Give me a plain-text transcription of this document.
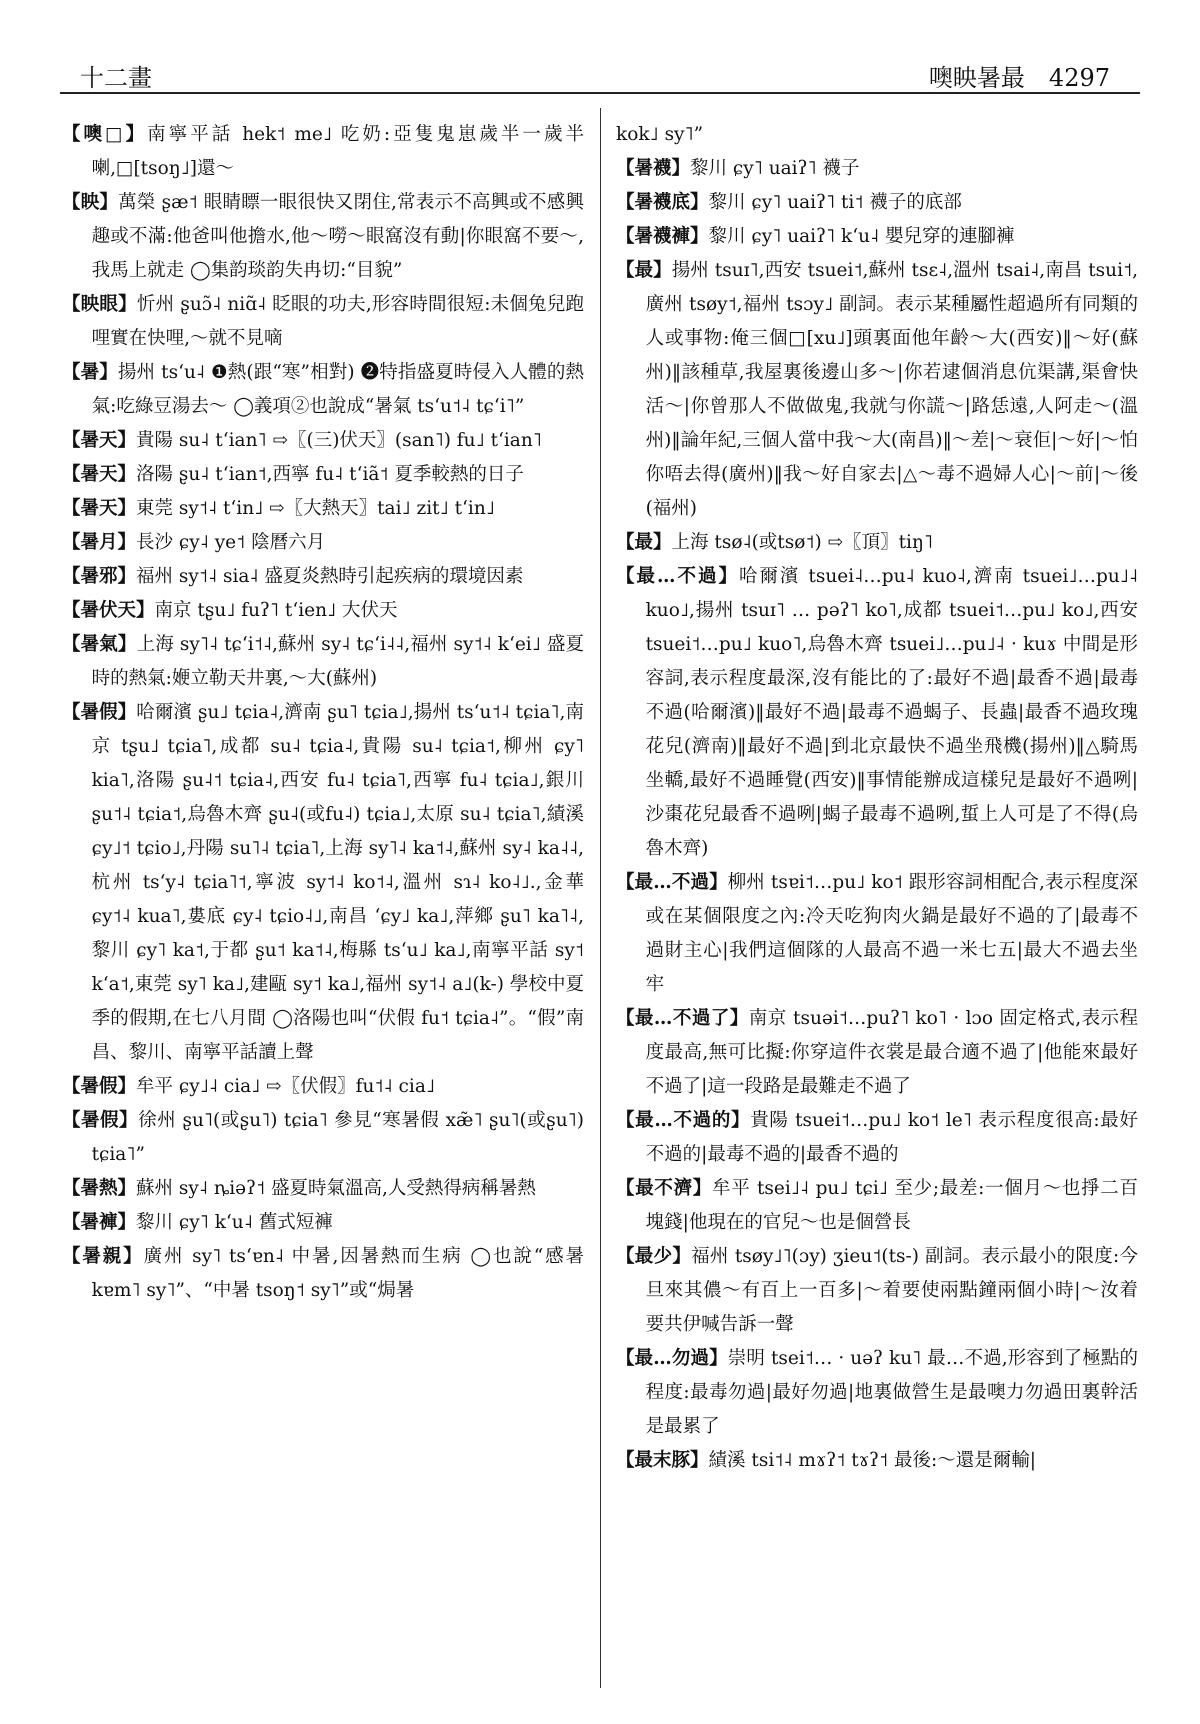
十二畫	噢眏暑最　4297

【噢□】南寧平話 hek˦ me˩ 吃奶:亞隻鬼崽歲半一歲半喇,□[tsoŋ˩]還～

【眏】萬榮 ʂæ˦ 眼睛瞟一眼很快又閉住,常表示不高興或不感興趣或不滿:他爸叫他擔水,他～嘮～眼窩沒有動|你眼窩不要～,我馬上就走 ◯集韵琰韵失冉切:“目貌”

【眏眼】忻州 ʂuɔ̃˨ niɑ̃˨ 眨眼的功夫,形容時間很短:未個兔兒跑哩實在快哩,～就不見嘀

【暑】揚州 tsʻu˨ ❶熱(跟“寒”相對) ❷特指盛夏時侵入人體的熱氣:吃綠豆湯去～ ◯義項②也說成“暑氣 tsʻu˦˨ tɕʻi˥”

【暑天】貴陽 su˨ tʻian˥ ⇨〖(三)伏天〗(san˥) fu˩ tʻian˥

【暑天】洛陽 ʂu˨ tʻian˦,西寧 fu˨ tʻiã˦ 夏季較熱的日子

【暑天】東莞 sy˦˨ tʻin˩ ⇨〖大熱天〗tai˩ zit˩ tʻin˩

【暑月】長沙 ɕy˨ ye˦ 陰曆六月

【暑邪】福州 sy˦˨ sia˨ 盛夏炎熱時引起疾病的環境因素

【暑伏天】南京 tʂu˩ fuʔ˥ tʻien˩ 大伏天

【暑氣】上海 sy˥˨ tɕʻi˦˨,蘇州 sy˨ tɕʻi˨˨,福州 sy˦˨ kʻei˩ 盛夏時的熱氣:㛹立勒天井裏,～大(蘇州)

【暑假】哈爾濱 ʂu˩ tɕia˨,濟南 ʂu˥ tɕia˩,揚州 tsʻu˦˨ tɕia˥,南京 tʂu˩ tɕia˥,成都 su˨ tɕia˨,貴陽 su˨ tɕia˦,柳州 ɕy˥ kia˥,洛陽 ʂu˨˦ tɕia˨,西安 fu˨ tɕia˥,西寧 fu˨ tɕia˩,銀川 ʂu˦˨ tɕia˦,烏魯木齊 ʂu˨(或fu˨) tɕia˩,太原 su˨ tɕia˥,績溪 ɕy˩˦ tɕio˩,丹陽 su˥˨ tɕia˥,上海 sy˥˨ ka˦˨,蘇州 sy˨ ka˨˨,杭州 tsʻy˨ tɕia˥˦,寧波 sy˦˨ ko˦˨,溫州 sɿ˨ ko˨˩.,金華 ɕy˦˨ kua˥,婁底 ɕy˨ tɕio˨˩,南昌 ʻɕy˩ ka˩,萍鄉 ʂu˥ ka˥˨,黎川 ɕy˥ ka˦,于都 ʂu˦ ka˦˨,梅縣 tsʻu˩ ka˩,南寧平話 sy˦ kʻa˦,東莞 sy˥ ka˩,建甌 sy˦ ka˩,福州 sy˦˨ a˩(k-) 學校中夏季的假期,在七八月間 ◯洛陽也叫“伏假 fu˦ tɕia˨”。“假”南昌、黎川、南寧平話讀上聲

【暑假】牟平 ɕy˩˨ cia˩ ⇨〖伏假〗fu˦˨ cia˩

【暑假】徐州 ʂu˥(或ʂu˥) tɕia˥ 參見“寒暑假 xæ̃˥ ʂu˥(或ʂu˥) tɕia˥”

【暑熱】蘇州 sy˨ ȵiəʔ˦ 盛夏時氣溫高,人受熱得病稱暑熱

【暑褲】黎川 ɕy˥ kʻu˨ 舊式短褲

【暑親】廣州 sy˥ tsʻɐn˨ 中暑,因暑熱而生病 ◯也說“感暑 kɐm˥ sy˥”、“中暑 tsoŋ˦ sy˥”或“焗暑

kok˩ sy˥”

【暑襪】黎川 ɕy˥ uaiʔ˥ 襪子

【暑襪底】黎川 ɕy˥ uaiʔ˥ ti˦ 襪子的底部

【暑襪褲】黎川 ɕy˥ uaiʔ˥ kʻu˨ 嬰兒穿的連腳褲

【最】揚州 tsuɪ˥,西安 tsuei˦,蘇州 tsɛ˨,溫州 tsai˨,南昌 tsui˦,廣州 tsøy˦,福州 tsɔy˩ 副詞。表示某種屬性超過所有同類的人或事物:俺三個□[xu˩]頭裏面他年齡～大(西安)‖～好(蘇州)‖該種草,我屋裏後邊山多～|你若逮個消息伉渠講,渠會快活～|你曾那人不做做鬼,我就勻你謊～|路恁遠,人阿走～(溫州)‖論年紀,三個人當中我～大(南昌)‖～差|～衰佢|～好|～怕你唔去得(廣州)‖我～好自家去|△～毒不過婦人心|～前|～後(福州)

【最】上海 tsø˨(或tsø˦) ⇨〖頂〗tiŋ˥

【最…不過】哈爾濱 tsuei˨…pu˨ kuo˨,濟南 tsuei˩…pu˩˨ kuo˩,揚州 tsuɪ˥ … pəʔ˥ ko˥,成都 tsuei˦…pu˩ ko˩,西安 tsuei˦…pu˩ kuo˥,烏魯木齊 tsuei˩…pu˩˨ · kuɤ 中間是形容詞,表示程度最深,沒有能比的了:最好不過|最香不過|最毒不過(哈爾濱)‖最好不過|最毒不過蝎子、長蟲|最香不過玫瑰花兒(濟南)‖最好不過|到北京最快不過坐飛機(揚州)‖△騎馬坐轎,最好不過睡覺(西安)‖事情能辦成這樣兒是最好不過咧|沙棗花兒最香不過咧|蝎子最毒不過咧,蜇上人可是了不得(烏魯木齊)

【最…不過】柳州 tsɐi˦…pu˩ ko˦ 跟形容詞相配合,表示程度深或在某個限度之內:冷天吃狗肉火鍋是最好不過的了|最毒不過財主心|我們這個隊的人最高不過一米七五|最大不過去坐牢

【最…不過了】南京 tsuəi˦…puʔ˥ ko˥ · lɔo 固定格式,表示程度最高,無可比擬:你穿這件衣裳是最合適不過了|他能來最好不過了|這一段路是最難走不過了

【最…不過的】貴陽 tsuei˦…pu˩ ko˦ le˥ 表示程度很高:最好不過的|最毒不過的|最香不過的

【最不濟】牟平 tsei˩˨ pu˩ tɕi˩ 至少;最差:一個月～也掙二百塊錢|他現在的官兒～也是個營長

【最少】福州 tsøy˩˥(ɔy) ʒieu˦(ts-) 副詞。表示最小的限度:今旦來其儂～有百上一百多|～着要使兩點鐘兩個小時|～汝着要共伊喊告訴一聲

【最…勿過】崇明 tsei˦… · uəʔ ku˥ 最…不過,形容到了極點的程度:最毒勿過|最好勿過|地裏做營生是最噢力勿過田裏幹活是最累了

【最末豚】績溪 tsi˦˨ mɤʔ˦ tɤʔ˦ 最後:～還是爾輸|
